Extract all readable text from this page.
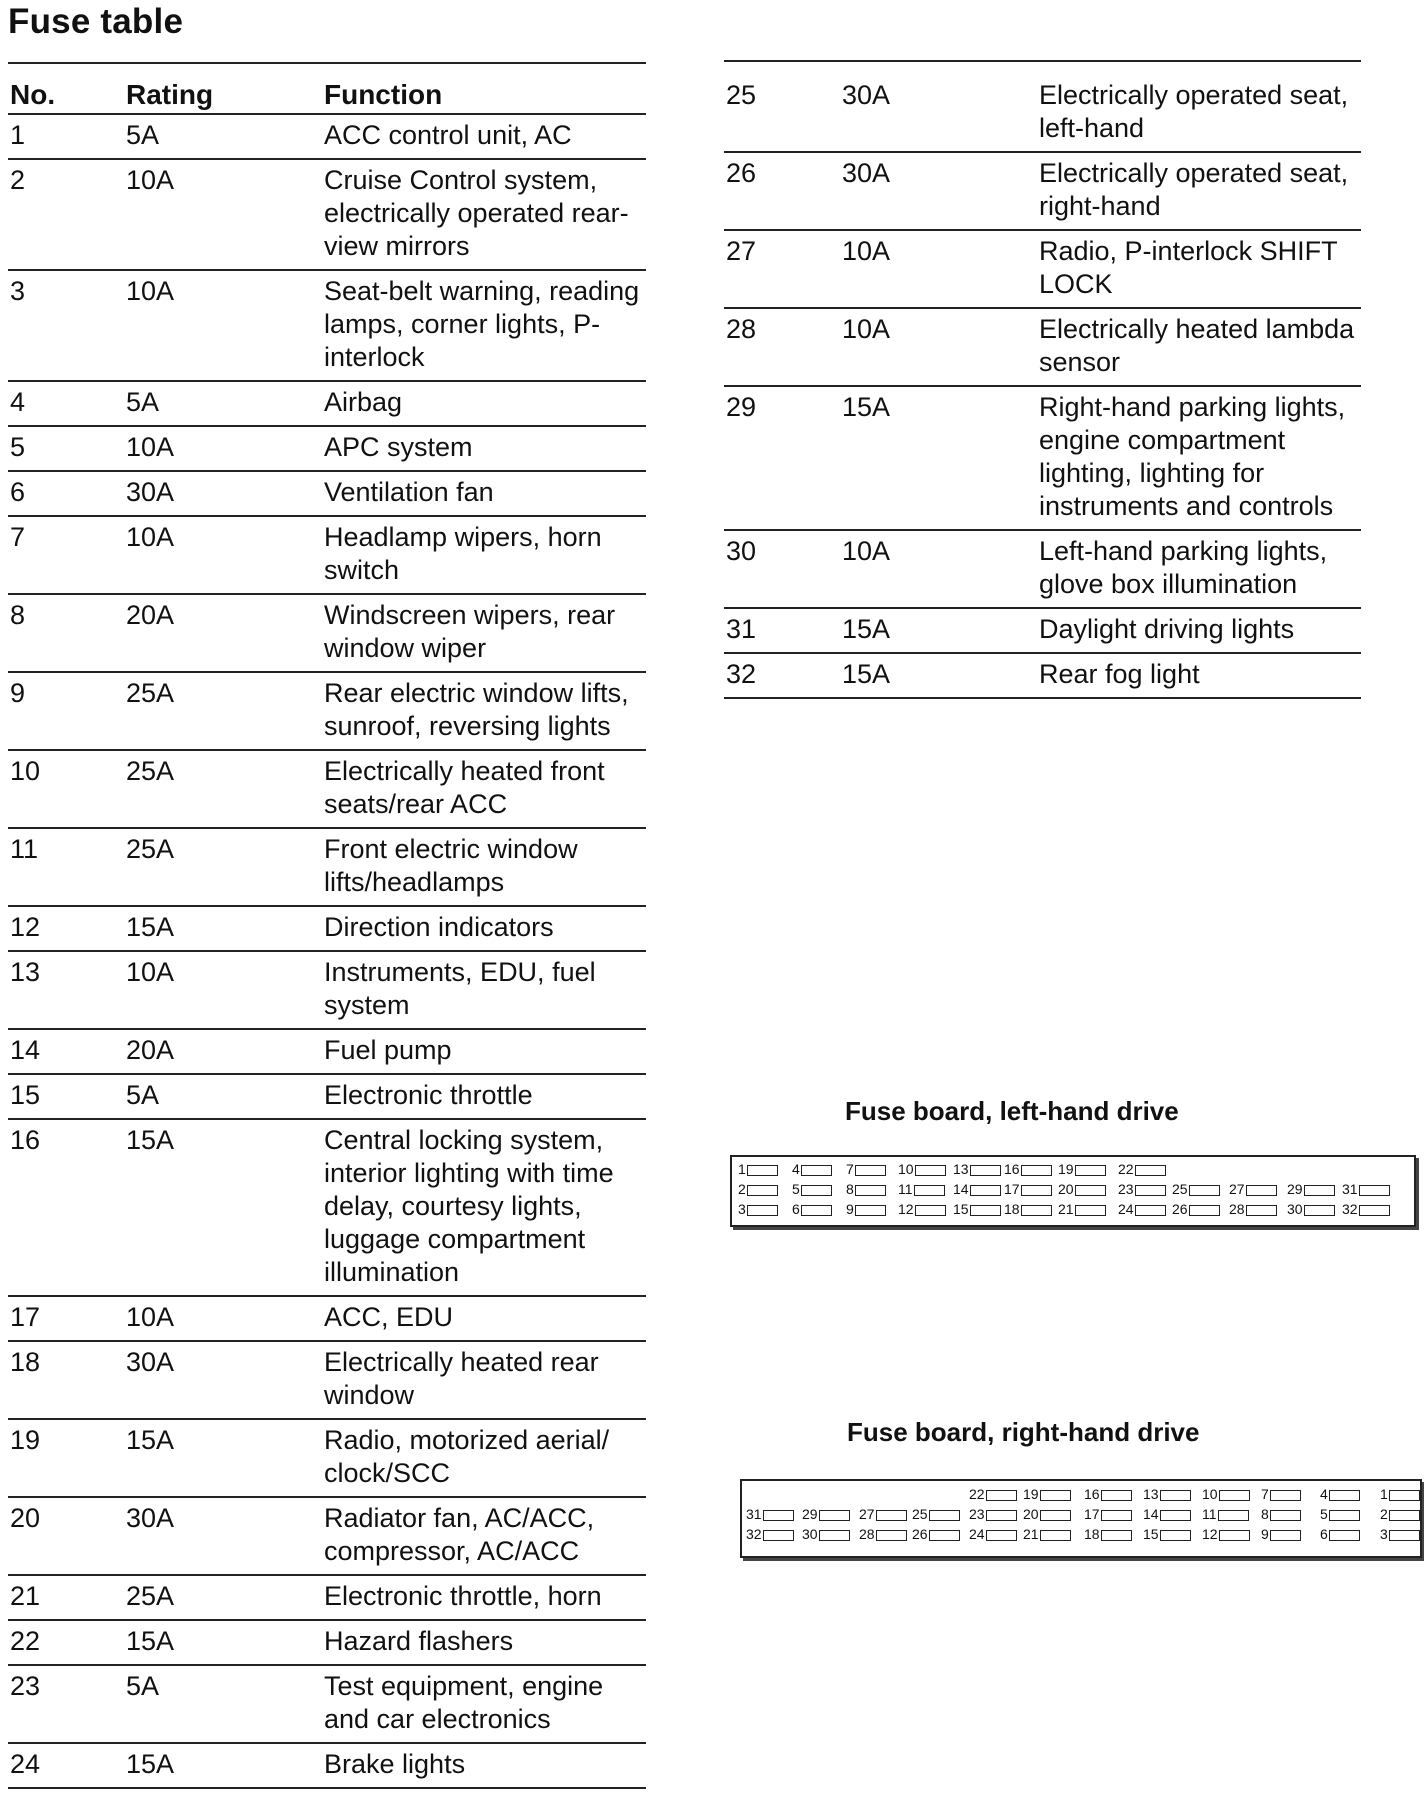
Fuse table
No.	Rating	Function
1	5A	ACC control unit, AC
2	10A	Cruise Control system, electrically operated rear-view mirrors
3	10A	Seat-belt warning, reading lamps, corner lights, P-interlock
4	5A	Airbag
5	10A	APC system
6	30A	Ventilation fan
7	10A	Headlamp wipers, horn switch
8	20A	Windscreen wipers, rear window wiper
9	25A	Rear electric window lifts, sunroof, reversing lights
10	25A	Electrically heated front seats/rear ACC
11	25A	Front electric window lifts/headlamps
12	15A	Direction indicators
13	10A	Instruments, EDU, fuel system
14	20A	Fuel pump
15	5A	Electronic throttle
16	15A	Central locking system, interior lighting with time delay, courtesy lights, luggage compartment illumination
17	10A	ACC, EDU
18	30A	Electrically heated rear window
19	15A	Radio, motorized aerial/ clock/SCC
20	30A	Radiator fan, AC/ACC, compressor, AC/ACC
21	25A	Electronic throttle, horn
22	15A	Hazard flashers
23	5A	Test equipment, engine and car electronics
24	15A	Brake lights
25	30A	Electrically operated seat, left-hand
26	30A	Electrically operated seat, right-hand
27	10A	Radio, P-interlock SHIFT LOCK
28	10A	Electrically heated lambda sensor
29	15A	Right-hand parking lights, engine compartment lighting, lighting for instruments and controls
30	10A	Left-hand parking lights, glove box illumination
31	15A	Daylight driving lights
32	15A	Rear fog light
Fuse board, left-hand drive
1
2
3
4
5
6
7
8
9
10
11
12
13
14
15
16
17
18
19
20
21
22
23
24
25
26
27
28
29
30
31
32
Fuse board, right-hand drive
1
2
3
4
5
6
7
8
9
10
11
12
13
14
15
16
17
18
19
20
21
22
23
24
25
26
27
28
29
30
31
32
